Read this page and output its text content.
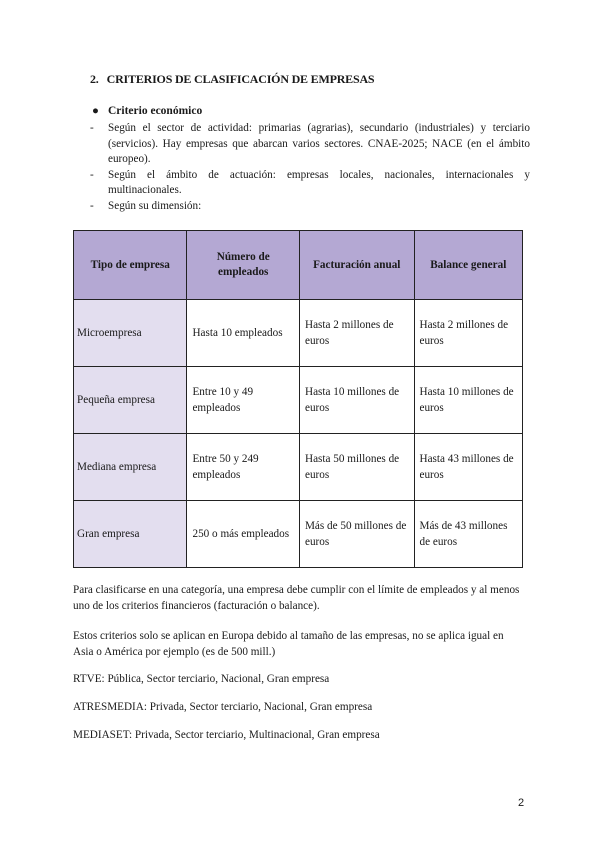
2. CRITERIOS DE CLASIFICACIÓN DE EMPRESAS
● Criterio económico
- Según el sector de actividad: primarias (agrarias), secundario (industriales) y terciario (servicios). Hay empresas que abarcan varios sectores. CNAE-2025; NACE (en el ámbito europeo).
- Según el ámbito de actuación: empresas locales, nacionales, internacionales y multinacionales.
- Según su dimensión:
Tipo de empresa	Número de empleados	Facturación anual	Balance general
Microempresa	Hasta 10 empleados	Hasta 2 millones de euros	Hasta 2 millones de euros
Pequeña empresa	Entre 10 y 49 empleados	Hasta 10 millones de euros	Hasta 10 millones de euros
Mediana empresa	Entre 50 y 249 empleados	Hasta 50 millones de euros	Hasta 43 millones de euros
Gran empresa	250 o más empleados	Más de 50 millones de euros	Más de 43 millones de euros

Para clasificarse en una categoría, una empresa debe cumplir con el límite de empleados y al menos uno de los criterios financieros (facturación o balance).

Estos criterios solo se aplican en Europa debido al tamaño de las empresas, no se aplica igual en Asia o América por ejemplo (es de 500 mill.)

RTVE: Pública, Sector terciario, Nacional, Gran empresa

ATRESMEDIA: Privada, Sector terciario, Nacional, Gran empresa

MEDIASET: Privada, Sector terciario, Multinacional, Gran empresa

2
